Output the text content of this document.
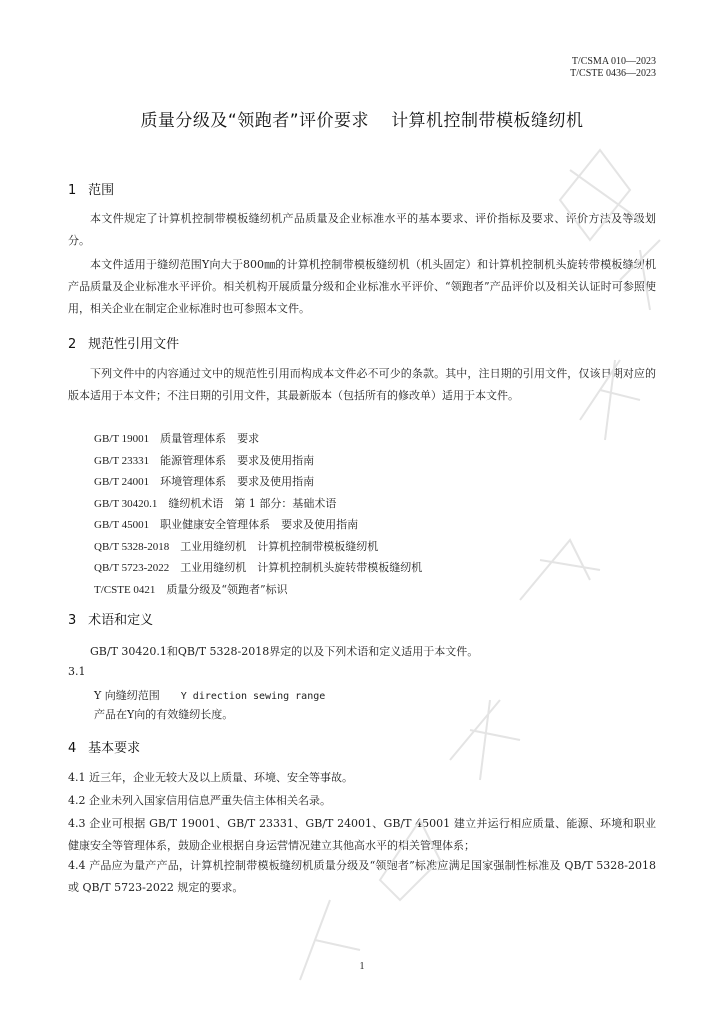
T/CSMA 010—2023
T/CSTE 0436—2023
质量分级及“领跑者”评价要求 计算机控制带模板缝纫机
1 范围
本文件规定了计算机控制带模板缝纫机产品质量及企业标准水平的基本要求、评价指标及要求、评价方法及等级划分。
本文件适用于缝纫范围Y向大于800㎜的计算机控制带模板缝纫机（机头固定）和计算机控制机头旋转带模板缝纫机产品质量及企业标准水平评价。相关机构开展质量分级和企业标准水平评价、“领跑者”产品评价以及相关认证时可参照使用，相关企业在制定企业标准时也可参照本文件。
2 规范性引用文件
下列文件中的内容通过文中的规范性引用而构成本文件必不可少的条款。其中，注日期的引用文件，仅该日期对应的版本适用于本文件；不注日期的引用文件，其最新版本（包括所有的修改单）适用于本文件。
GB/T 19001　 质量管理体系　要求
GB/T 23331　 能源管理体系　要求及使用指南
GB/T 24001　 环境管理体系　要求及使用指南
GB/T 30420.1　 缝纫机术语　第 1 部分：基础术语
GB/T 45001　 职业健康安全管理体系　要求及使用指南
QB/T 5328-2018　 工业用缝纫机　计算机控制带模板缝纫机
QB/T 5723-2022　 工业用缝纫机　计算机控制机头旋转带模板缝纫机
T/CSTE 0421　 质量分级及“领跑者”标识
3 术语和定义
GB/T 30420.1和QB/T 5328-2018界定的以及下列术语和定义适用于本文件。
3.1
Y 向缝纫范围 Y direction sewing range
产品在Y向的有效缝纫长度。
4 基本要求
4.1 近三年，企业无较大及以上质量、环境、安全等事故。
4.2 企业未列入国家信用信息严重失信主体相关名录。
4.3 企业可根据 GB/T 19001、GB/T 23331、GB/T 24001、GB/T 45001 建立并运行相应质量、能源、环境和职业健康安全等管理体系，鼓励企业根据自身运营情况建立其他高水平的相关管理体系；
4.4 产品应为量产产品，计算机控制带模板缝纫机质量分级及“领跑者”标准应满足国家强制性标准及 QB/T 5328-2018 或 QB/T 5723-2022 规定的要求。
1
